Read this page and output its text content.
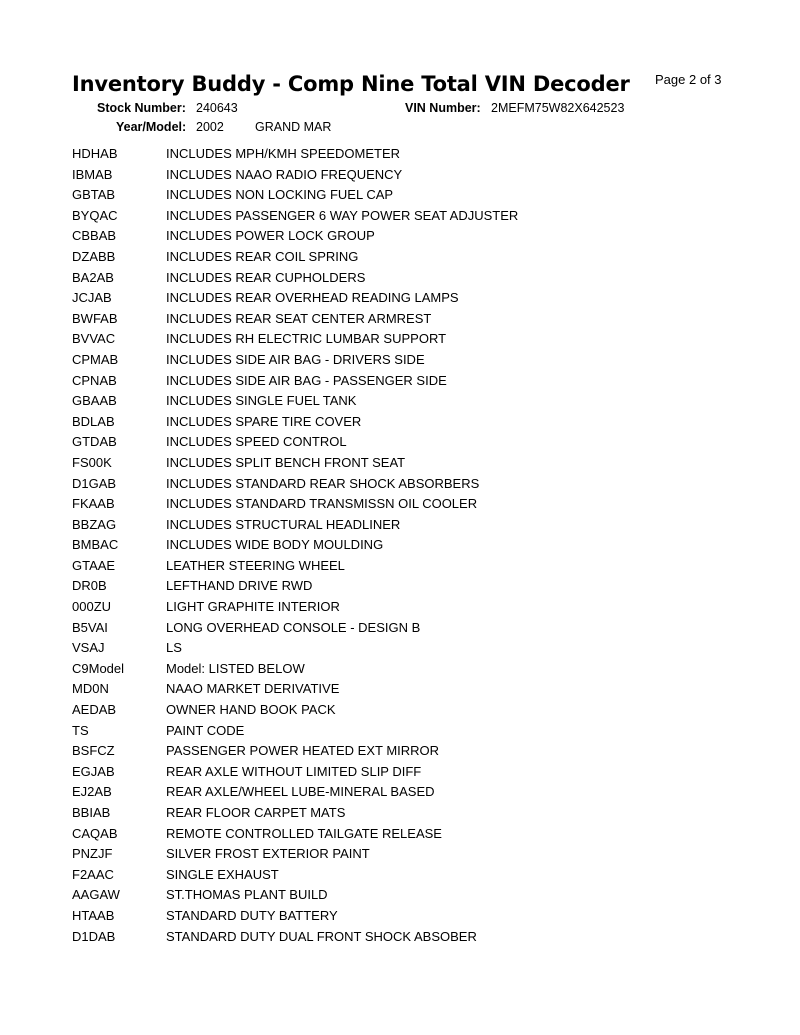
Inventory Buddy - Comp Nine Total VIN Decoder Page 2 of 3
Stock Number: 240643	VIN Number: 2MEFM75W82X642523
Year/Model: 2002 GRAND MAR
HDHAB	INCLUDES MPH/KMH SPEEDOMETER
IBMAB	INCLUDES NAAO RADIO FREQUENCY
GBTAB	INCLUDES NON LOCKING FUEL CAP
BYQAC	INCLUDES PASSENGER 6 WAY POWER SEAT ADJUSTER
CBBAB	INCLUDES POWER LOCK GROUP
DZABB	INCLUDES REAR COIL SPRING
BA2AB	INCLUDES REAR CUPHOLDERS
JCJAB	INCLUDES REAR OVERHEAD READING LAMPS
BWFAB	INCLUDES REAR SEAT CENTER ARMREST
BVVAC	INCLUDES RH ELECTRIC LUMBAR SUPPORT
CPMAB	INCLUDES SIDE AIR BAG - DRIVERS SIDE
CPNAB	INCLUDES SIDE AIR BAG - PASSENGER SIDE
GBAAB	INCLUDES SINGLE FUEL TANK
BDLAB	INCLUDES SPARE TIRE COVER
GTDAB	INCLUDES SPEED CONTROL
FS00K	INCLUDES SPLIT BENCH FRONT SEAT
D1GAB	INCLUDES STANDARD REAR SHOCK ABSORBERS
FKAAB	INCLUDES STANDARD TRANSMISSN OIL COOLER
BBZAG	INCLUDES STRUCTURAL HEADLINER
BMBAC	INCLUDES WIDE BODY MOULDING
GTAAE	LEATHER STEERING WHEEL
DR0B	LEFTHAND DRIVE RWD
000ZU	LIGHT GRAPHITE INTERIOR
B5VAI	LONG OVERHEAD CONSOLE - DESIGN B
VSAJ	LS
C9Model	Model: LISTED BELOW
MD0N	NAAO MARKET DERIVATIVE
AEDAB	OWNER HAND BOOK PACK
TS	PAINT CODE
BSFCZ	PASSENGER POWER HEATED EXT MIRROR
EGJAB	REAR AXLE WITHOUT LIMITED SLIP DIFF
EJ2AB	REAR AXLE/WHEEL LUBE-MINERAL BASED
BBIAB	REAR FLOOR CARPET MATS
CAQAB	REMOTE CONTROLLED TAILGATE RELEASE
PNZJF	SILVER FROST EXTERIOR PAINT
F2AAC	SINGLE EXHAUST
AAGAW	ST.THOMAS PLANT BUILD
HTAAB	STANDARD DUTY BATTERY
D1DAB	STANDARD DUTY DUAL FRONT SHOCK ABSOBER
